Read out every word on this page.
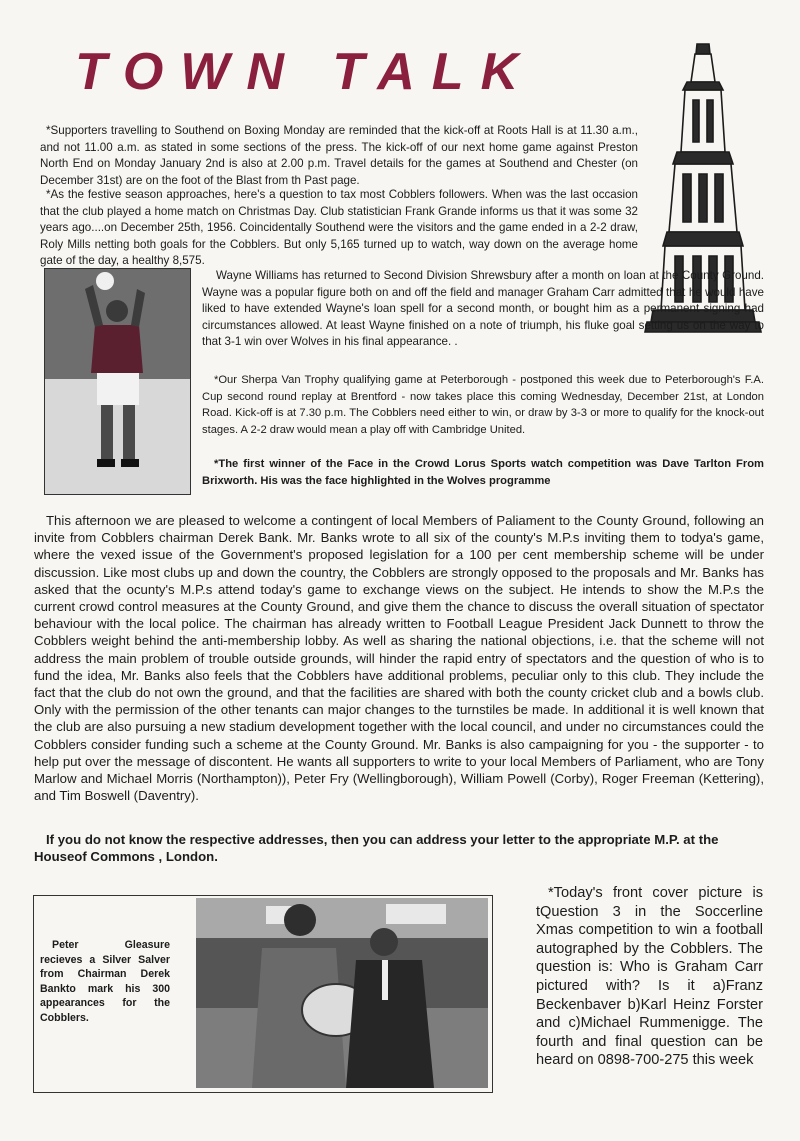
TOWN TALK

*Supporters travelling to Southend on Boxing Monday are reminded that the kick-off at Roots Hall is at 11.30 a.m., and not 11.00 a.m. as stated in some sections of the press. The kick-off of our next home game against Preston North End on Monday January 2nd is also at 2.00 p.m. Travel details for the games at Southend and Chester (on December 31st) are on the foot of the Blast from th Past page.

*As the festive season approaches, here's a question to tax most Cobblers followers. When was the last occasion that the club played a home match on Christmas Day. Club statistician Frank Grande informs us that it was some 32 years ago....on December 25th, 1956. Coincidentally Southend were the visitors and the game ended in a 2-2 draw, Roly Mills netting both goals for the Cobblers. But only 5,165 turned up to watch, way down on the average home gate of the day, a healthy 8,575.

Wayne Williams has returned to Second Division Shrewsbury after a month on loan at the County Ground. Wayne was a popular figure both on and off the field and manager Graham Carr admitted that he would have liked to have extended Wayne's loan spell for a second month, or bought him as a permanent signing had circumstances allowed. At least Wayne finished on a note of triumph, his fluke goal setting us on the way to that 3-1 win over Wolves in his final appearance. .

*Our Sherpa Van Trophy qualifying game at Peterborough - postponed this week due to Peterborough's F.A. Cup second round replay at Brentford - now takes place this coming Wednesday, December 21st, at London Road. Kick-off is at 7.30 p.m. The Cobblers need either to win, or draw by 3-3 or more to qualify for the knock-out stages. A 2-2 draw would mean a play off with Cambridge United.

*The first winner of the Face in the Crowd Lorus Sports watch competition was Dave Tarlton From Brixworth. His was the face highlighted in the Wolves programme

This afternoon we are pleased to welcome a contingent of local Members of Paliament to the County Ground, following an invite from Cobblers chairman Derek Bank. Mr. Banks wrote to all six of the county's M.P.s inviting them to todya's game, where the vexed issue of the Government's proposed legislation for a 100 per cent membership scheme will be under discussion. Like most clubs up and down the country, the Cobblers are strongly opposed to the proposals and Mr. Banks has asked that the ocunty's M.P.s attend today's game to exchange views on the subject. He intends to show the M.P.s the current crowd control measures at the County Ground, and give them the chance to discuss the overall situation of spectator behaviour with the local police. The chairman has already written to Football League President Jack Dunnett to throw the Cobblers weight behind the anti-membership lobby. As well as sharing the national objections, i.e. that the scheme will not address the main problem of trouble outside grounds, will hinder the rapid entry of spectators and the question of who is to fund the idea, Mr. Banks also feels that the Cobblers have additional problems, peculiar only to this club. They include the fact that the club do not own the ground, and that the facilities are shared with both the county cricket club and a bowls club. Only with the permission of the other tenants can major changes to the turnstiles be made. In additional it is well known that the club are also pursuing a new stadium development together with the local council, and under no circumstances could the Cobblers consider funding such a scheme at the County Ground. Mr. Banks is also campaigning for you - the supporter - to help put over the message of discontent. He wants all supporters to write to your local Members of Parliament, who are Tony Marlow and Michael Morris (Northampton)), Peter Fry (Wellingborough), William Powell (Corby), Roger Freeman (Kettering), and Tim Boswell (Daventry).

If you do not know the respective addresses, then you can address your letter to the appropriate M.P. at the Houseof Commons , London.

Peter Gleasure recieves a Silver Salver from Chairman Derek Bankto mark his 300 appearances for the Cobblers.

*Today's front cover picture is tQuestion 3 in the Soccerline Xmas competition to win a football autographed by the Cobblers. The question is: Who is Graham Carr pictured with? Is it a)Franz Beckenbaver b)Karl Heinz Forster and c)Michael Rummenigge. The fourth and final question can be heard on 0898-700-275 this week
